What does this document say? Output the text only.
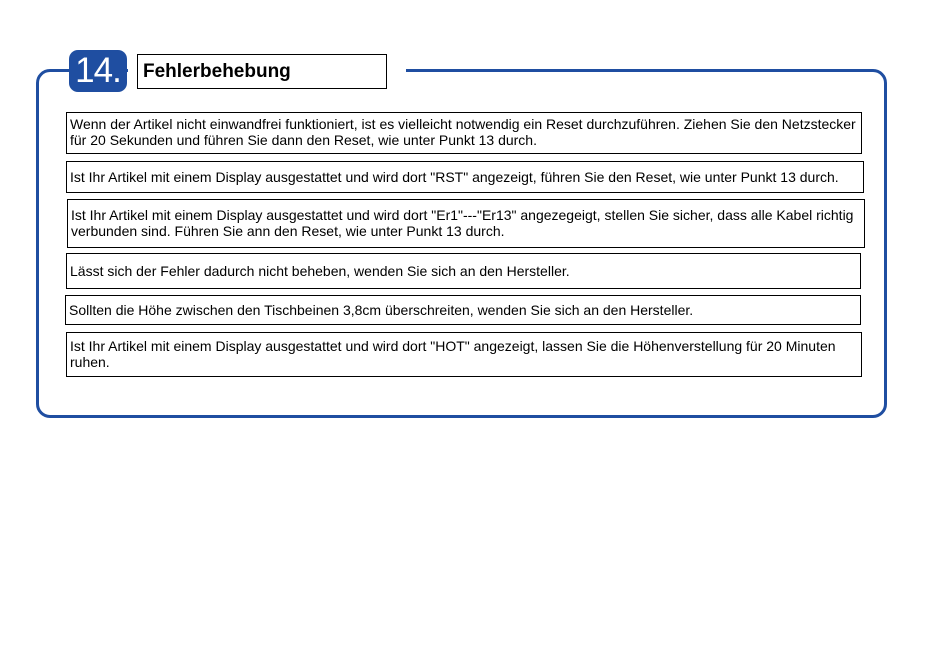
14.	Fehlerbehebung
Wenn der Artikel nicht einwandfrei funktioniert, ist es vielleicht notwendig ein Reset durchzuführen. Ziehen Sie den Netzstecker für 20 Sekunden und führen Sie dann den Reset, wie unter Punkt 13 durch.
Ist Ihr Artikel mit einem Display ausgestattet und wird dort "RST" angezeigt, führen Sie den Reset, wie unter Punkt 13 durch.
Ist Ihr Artikel mit einem Display ausgestattet und wird dort "Er1"---"Er13" angezegeigt, stellen Sie sicher, dass alle Kabel richtig verbunden sind. Führen Sie ann den Reset, wie unter Punkt 13 durch.
Lässt sich der Fehler dadurch nicht beheben, wenden Sie sich an den Hersteller.
Sollten die Höhe zwischen den Tischbeinen 3,8cm überschreiten, wenden Sie sich an den Hersteller.
Ist Ihr Artikel mit einem Display ausgestattet und wird dort "HOT" angezeigt, lassen Sie die Höhenverstellung für 20 Minuten ruhen.
